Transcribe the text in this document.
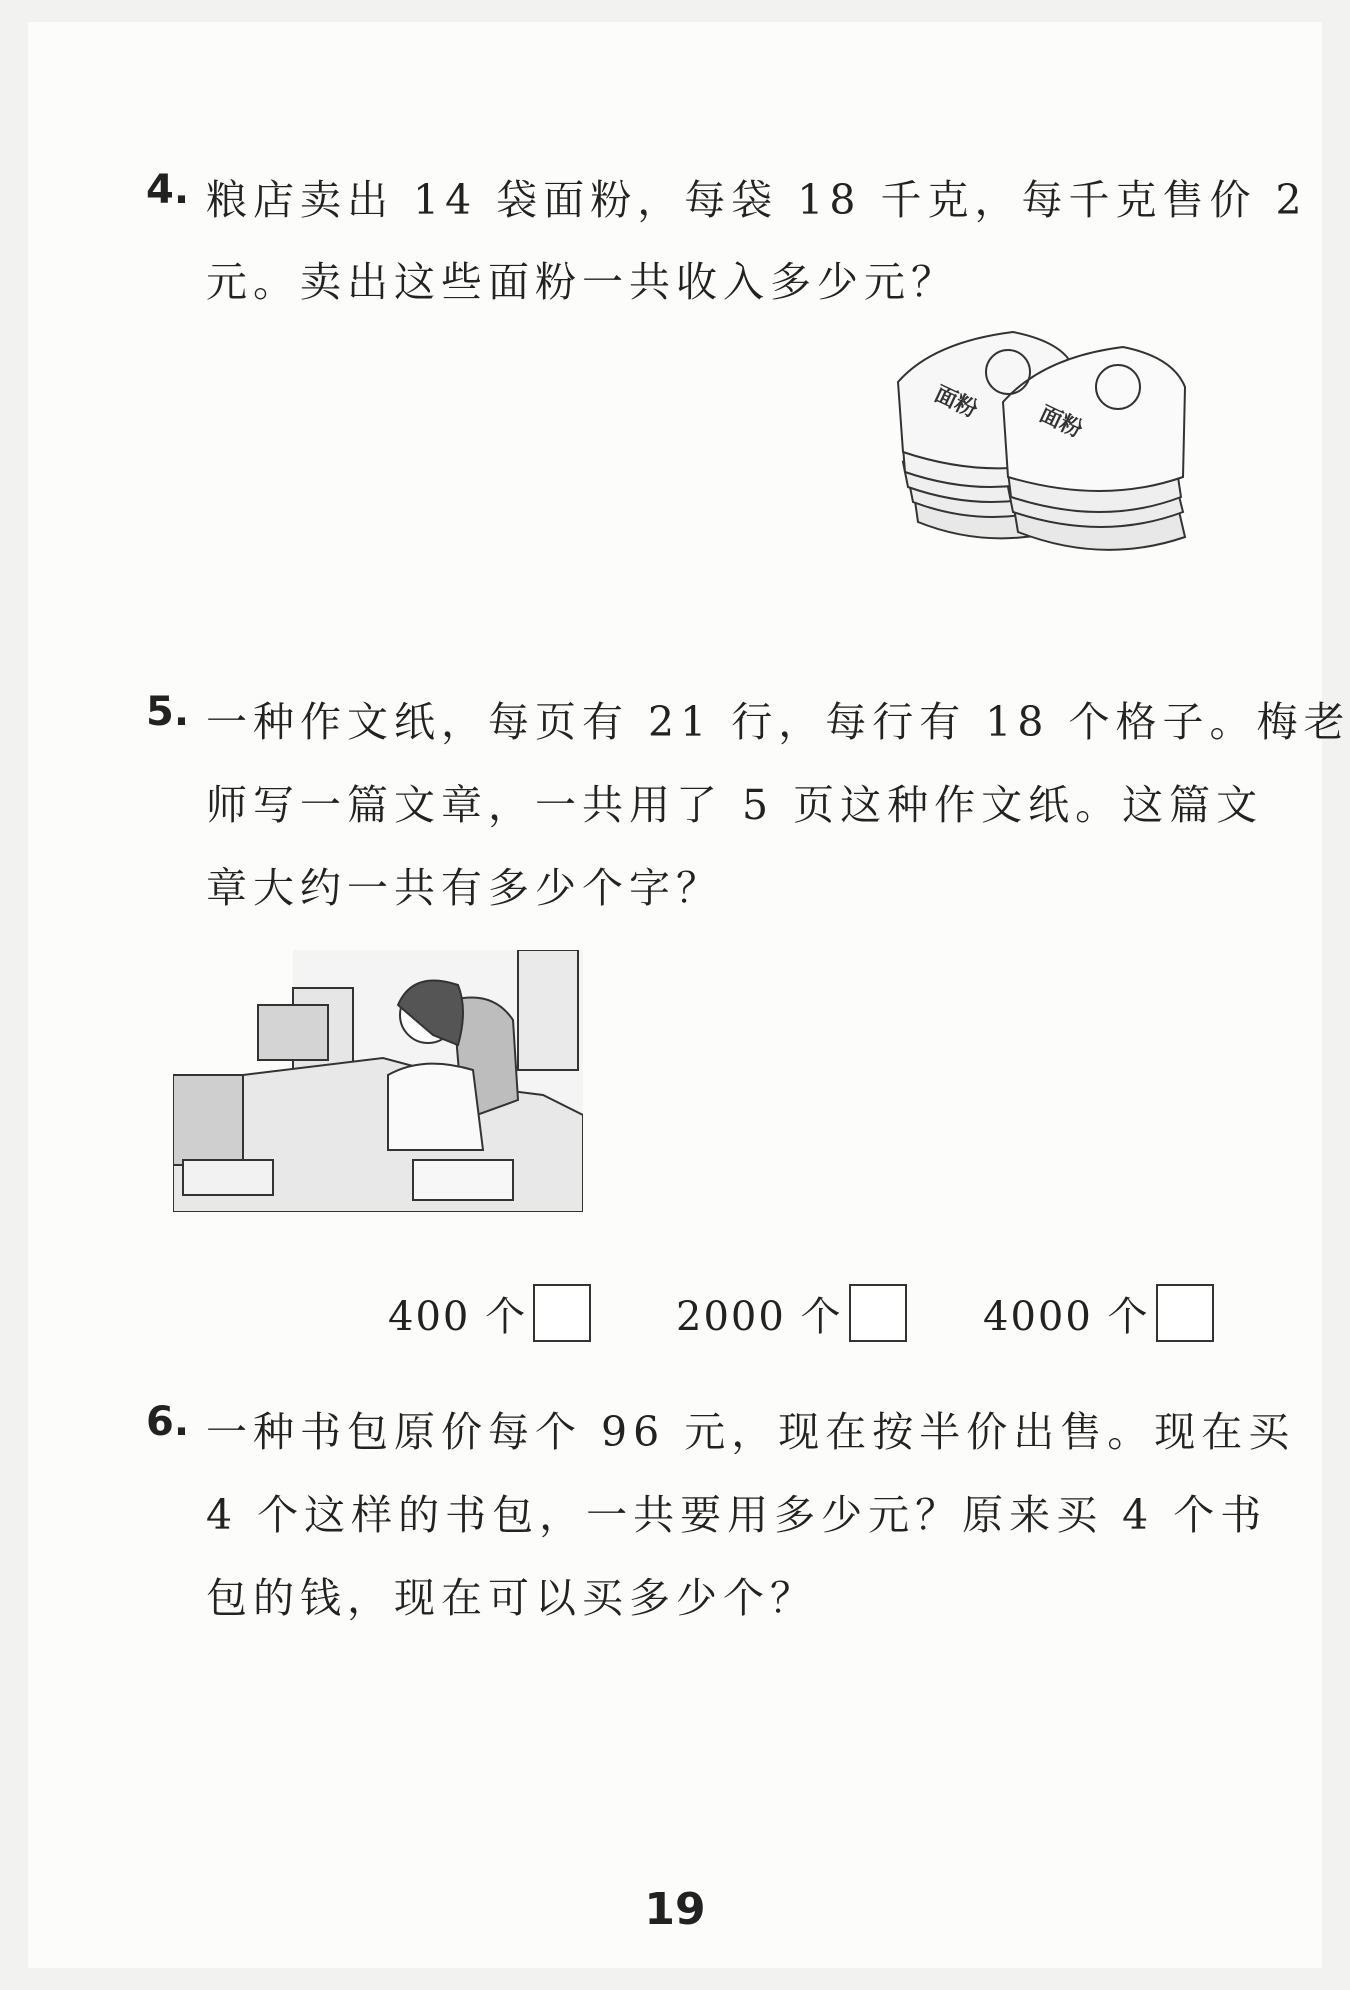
4. 粮店卖出 14 袋面粉，每袋 18 千克，每千克售价 2
元。卖出这些面粉一共收入多少元？
面粉 面粉
5. 一种作文纸，每页有 21 行，每行有 18 个格子。梅老
师写一篇文章，一共用了 5 页这种作文纸。这篇文
章大约一共有多少个字？
400 个	2000 个	4000 个
6. 一种书包原价每个 96 元，现在按半价出售。现在买
4 个这样的书包，一共要用多少元？原来买 4 个书
包的钱，现在可以买多少个？
19
